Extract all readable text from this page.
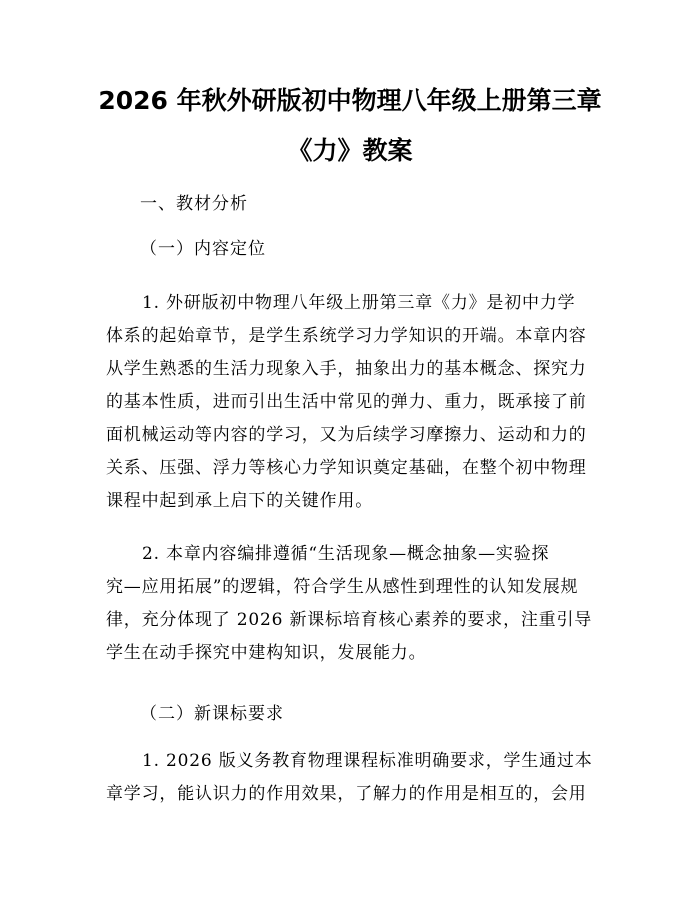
2026 年秋外研版初中物理八年级上册第三章
《力》教案
一、教材分析
（一）内容定位
1. 外研版初中物理八年级上册第三章《力》是初中力学
体系的起始章节，是学生系统学习力学知识的开端。本章内容
从学生熟悉的生活力现象入手，抽象出力的基本概念、探究力
的基本性质，进而引出生活中常见的弹力、重力，既承接了前
面机械运动等内容的学习，又为后续学习摩擦力、运动和力的
关系、压强、浮力等核心力学知识奠定基础，在整个初中物理
课程中起到承上启下的关键作用。
2. 本章内容编排遵循“生活现象—概念抽象—实验探
究—应用拓展”的逻辑，符合学生从感性到理性的认知发展规
律，充分体现了 2026 新课标培育核心素养的要求，注重引导
学生在动手探究中建构知识，发展能力。
（二）新课标要求
1. 2026 版义务教育物理课程标准明确要求，学生通过本
章学习，能认识力的作用效果，了解力的作用是相互的，会用
